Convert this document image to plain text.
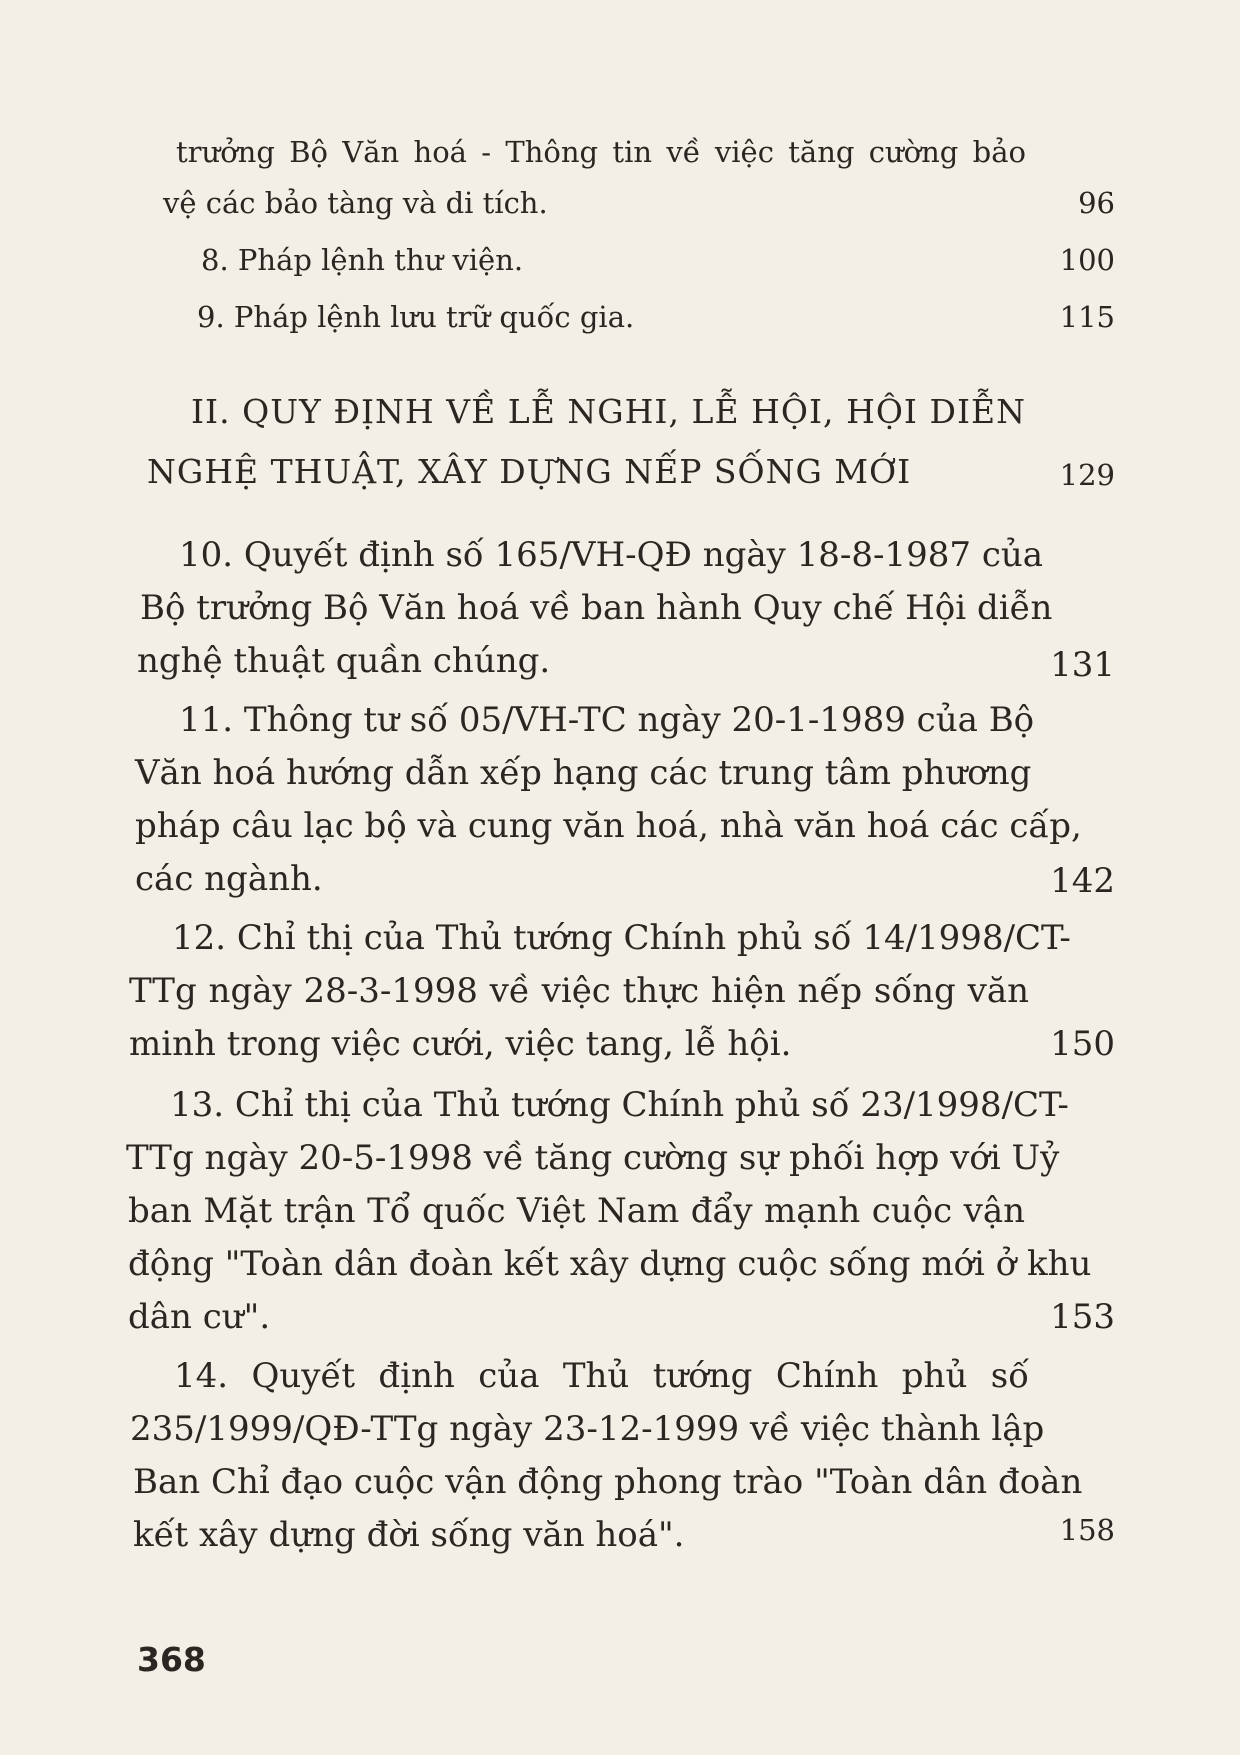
trưởng Bộ Văn hoá - Thông tin về việc tăng cường bảo
vệ các bảo tàng và di tích.	96
8. Pháp lệnh thư viện.	100
9. Pháp lệnh lưu trữ quốc gia.	115
II. QUY ĐỊNH VỀ LỄ NGHI, LỄ HỘI, HỘI DIỄN
NGHỆ THUẬT, XÂY DỰNG NẾP SỐNG MỚI	129
10. Quyết định số 165/VH-QĐ ngày 18-8-1987 của
Bộ trưởng Bộ Văn hoá về ban hành Quy chế Hội diễn
nghệ thuật quần chúng.	131
11. Thông tư số 05/VH-TC ngày 20-1-1989 của Bộ
Văn hoá hướng dẫn xếp hạng các trung tâm phương
pháp câu lạc bộ và cung văn hoá, nhà văn hoá các cấp,
các ngành.	142
12. Chỉ thị của Thủ tướng Chính phủ số 14/1998/CT-
TTg ngày 28-3-1998 về việc thực hiện nếp sống văn
minh trong việc cưới, việc tang, lễ hội.	150
13. Chỉ thị của Thủ tướng Chính phủ số 23/1998/CT-
TTg ngày 20-5-1998 về tăng cường sự phối hợp với Uỷ
ban Mặt trận Tổ quốc Việt Nam đẩy mạnh cuộc vận
động "Toàn dân đoàn kết xây dựng cuộc sống mới ở khu
dân cư".	153
14. Quyết định của Thủ tướng Chính phủ số
235/1999/QĐ-TTg ngày 23-12-1999 về việc thành lập
Ban Chỉ đạo cuộc vận động phong trào "Toàn dân đoàn
kết xây dựng đời sống văn hoá".	158
368
